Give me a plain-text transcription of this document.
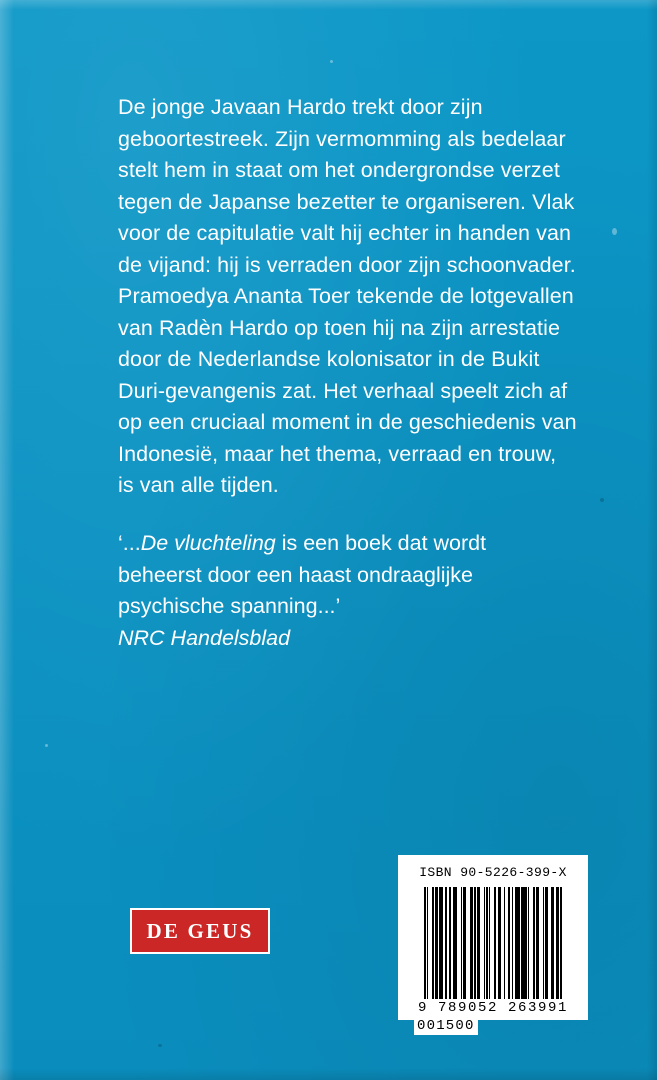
De jonge Javaan Hardo trekt door zijn geboortestreek. Zijn vermomming als bedelaar stelt hem in staat om het ondergrondse verzet tegen de Japanse bezetter te organiseren. Vlak voor de capitulatie valt hij echter in handen van de vijand: hij is verraden door zijn schoonvader. Pramoedya Ananta Toer tekende de lotgevallen van Radèn Hardo op toen hij na zijn arrestatie door de Nederlandse kolonisator in de Bukit Duri-gevangenis zat. Het verhaal speelt zich af op een cruciaal moment in de geschiedenis van Indonesië, maar het thema, verraad en trouw, is van alle tijden.

‘...De vluchteling is een boek dat wordt beheerst door een haast ondraaglijke psychische spanning...’

NRC Handelsblad

DE GEUS
ISBN 90-5226-399-X
9 789052 263991
001500
